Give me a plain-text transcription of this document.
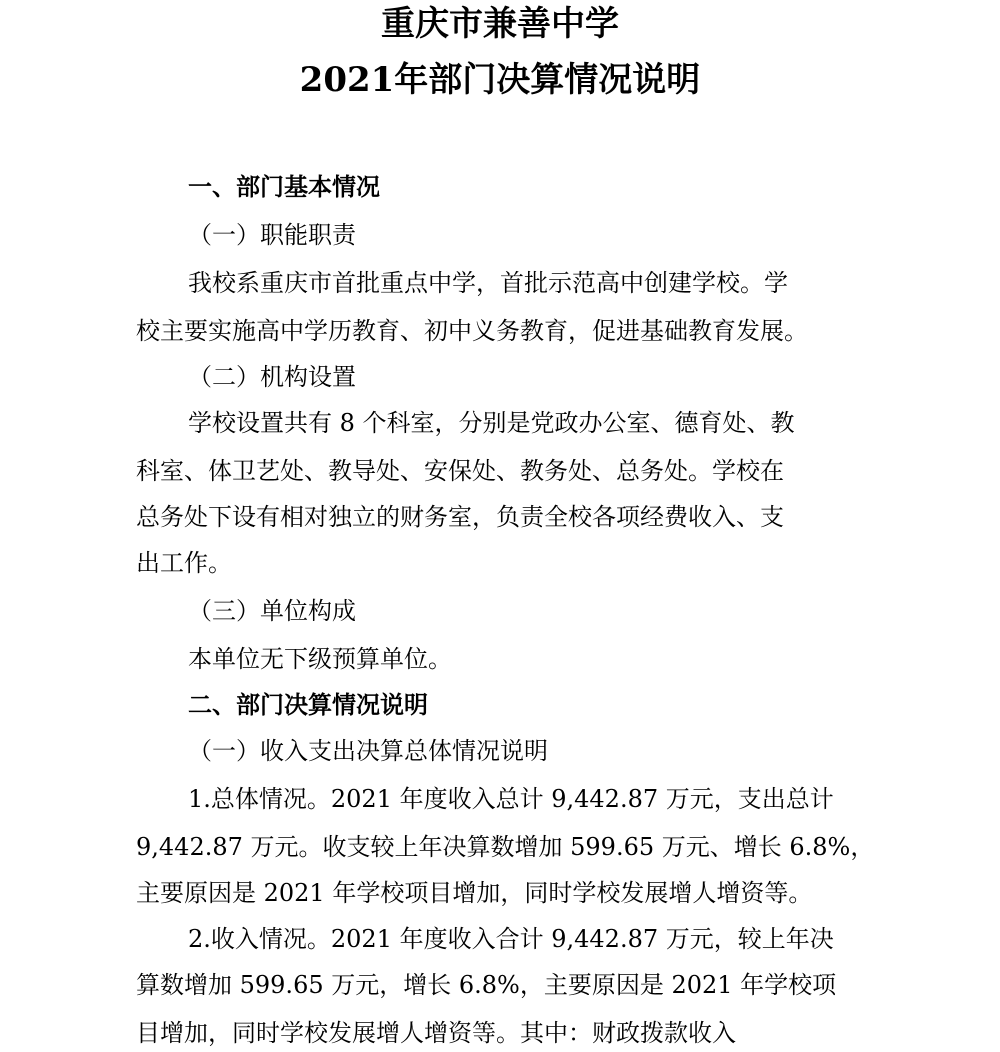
重庆市兼善中学
2021年部门决算情况说明

一、部门基本情况

（一）职能职责

我校系重庆市首批重点中学，首批示范高中创建学校。学

校主要实施高中学历教育、初中义务教育，促进基础教育发展。

（二）机构设置

学校设置共有 8 个科室，分别是党政办公室、德育处、教

科室、体卫艺处、教导处、安保处、教务处、总务处。学校在

总务处下设有相对独立的财务室，负责全校各项经费收入、支

出工作。

（三）单位构成

本单位无下级预算单位。

二、部门决算情况说明

（一）收入支出决算总体情况说明

1.总体情况。2021 年度收入总计 9,442.87 万元，支出总计

9,442.87 万元。收支较上年决算数增加 599.65 万元、增长 6.8%，

主要原因是 2021 年学校项目增加，同时学校发展增人增资等。

2.收入情况。2021 年度收入合计 9,442.87 万元，较上年决

算数增加 599.65 万元，增长 6.8%，主要原因是 2021 年学校项

目增加，同时学校发展增人增资等。其中：财政拨款收入
